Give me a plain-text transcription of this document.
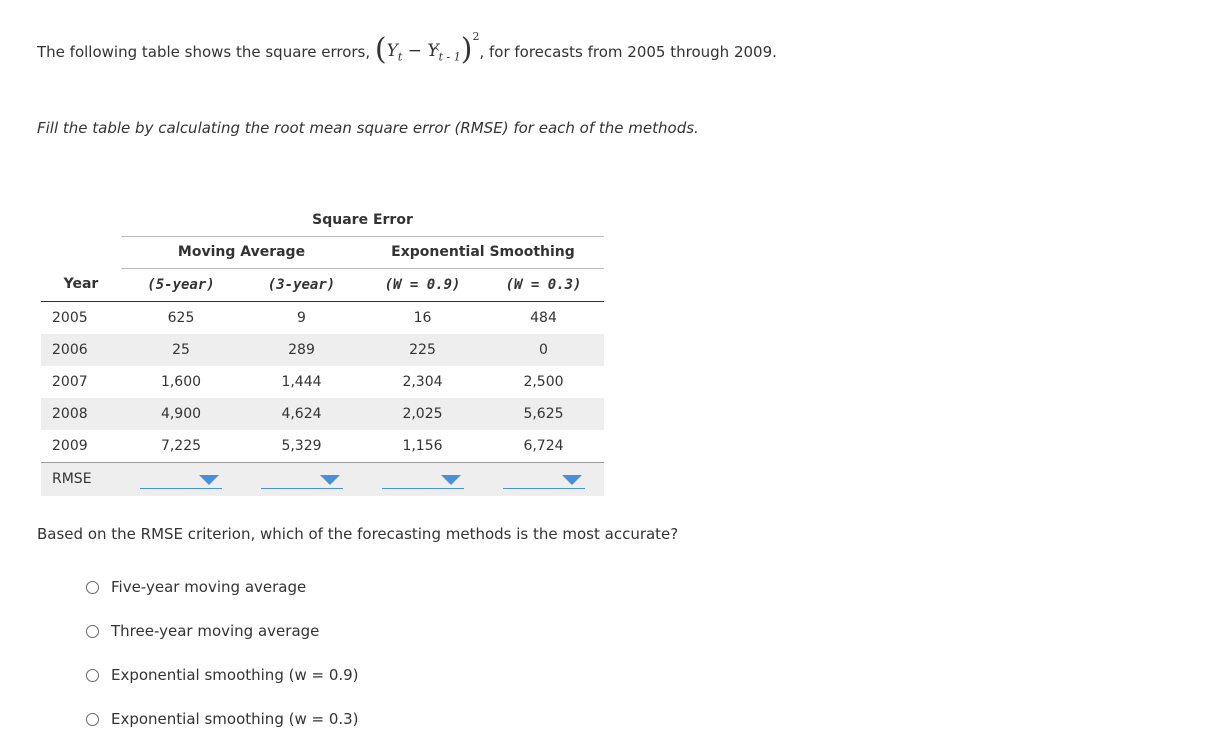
The following table shows the square errors, ($Y_t$ − ^ $Y_{t - 1})^2$, for forecasts from 2005 through 2009.
Fill the table by calculating the root mean square error (RMSE) for each of the methods.
	Square Error			
	Moving Average		Exponential Smoothing	
Year	(5-year)	(3-year)	(W = 0.9)	(W = 0.3)
2005	625	9	16	484
2006	25	289	225	0
2007	1,600	1,444	2,304	2,500
2008	4,900	4,624	2,025	5,625
2009	7,225	5,329	1,156	6,724
RMSE				
Based on the RMSE criterion, which of the forecasting methods is the most accurate?
Five-year moving average
Three-year moving average
Exponential smoothing (w = 0.9)
Exponential smoothing (w = 0.3)
